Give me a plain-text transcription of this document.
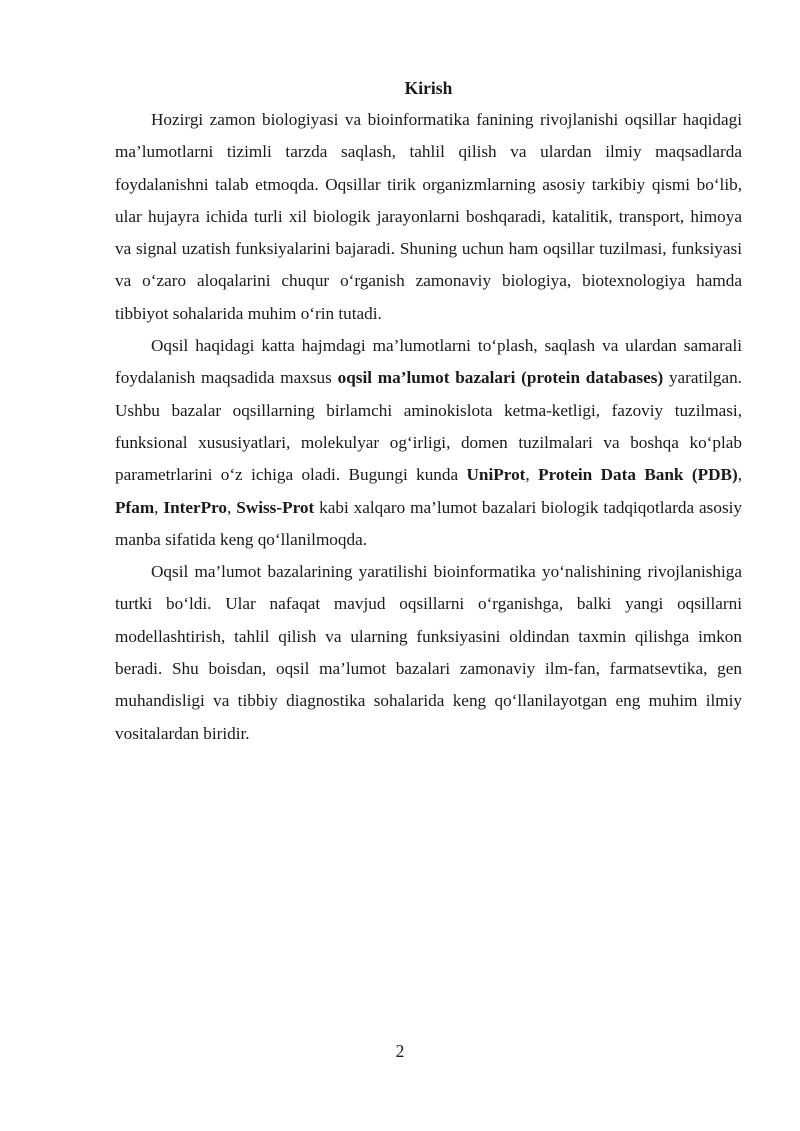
Kirish

Hozirgi zamon biologiyasi va bioinformatika fanining rivojlanishi oqsillar haqidagi ma’lumotlarni tizimli tarzda saqlash, tahlil qilish va ulardan ilmiy maqsadlarda foydalanishni talab etmoqda. Oqsillar tirik organizmlarning asosiy tarkibiy qismi bo‘lib, ular hujayra ichida turli xil biologik jarayonlarni boshqaradi, katalitik, transport, himoya va signal uzatish funksiyalarini bajaradi. Shuning uchun ham oqsillar tuzilmasi, funksiyasi va o‘zaro aloqalarini chuqur o‘rganish zamonaviy biologiya, biotexnologiya hamda tibbiyot sohalarida muhim o‘rin tutadi.

Oqsil haqidagi katta hajmdagi ma’lumotlarni to‘plash, saqlash va ulardan samarali foydalanish maqsadida maxsus oqsil ma’lumot bazalari (protein databases) yaratilgan. Ushbu bazalar oqsillarning birlamchi aminokislota ketma-ketligi, fazoviy tuzilmasi, funksional xususiyatlari, molekulyar og‘irligi, domen tuzilmalari va boshqa ko‘plab parametrlarini o‘z ichiga oladi. Bugungi kunda UniProt, Protein Data Bank (PDB), Pfam, InterPro, Swiss-Prot kabi xalqaro ma’lumot bazalari biologik tadqiqotlarda asosiy manba sifatida keng qo‘llanilmoqda.

Oqsil ma’lumot bazalarining yaratilishi bioinformatika yo‘nalishining rivojlanishiga turtki bo‘ldi. Ular nafaqat mavjud oqsillarni o‘rganishga, balki yangi oqsillarni modellashtirish, tahlil qilish va ularning funksiyasini oldindan taxmin qilishga imkon beradi. Shu boisdan, oqsil ma’lumot bazalari zamonaviy ilm-fan, farmatsevtika, gen muhandisligi va tibbiy diagnostika sohalarida keng qo‘llanilayotgan eng muhim ilmiy vositalardan biridir.

2
